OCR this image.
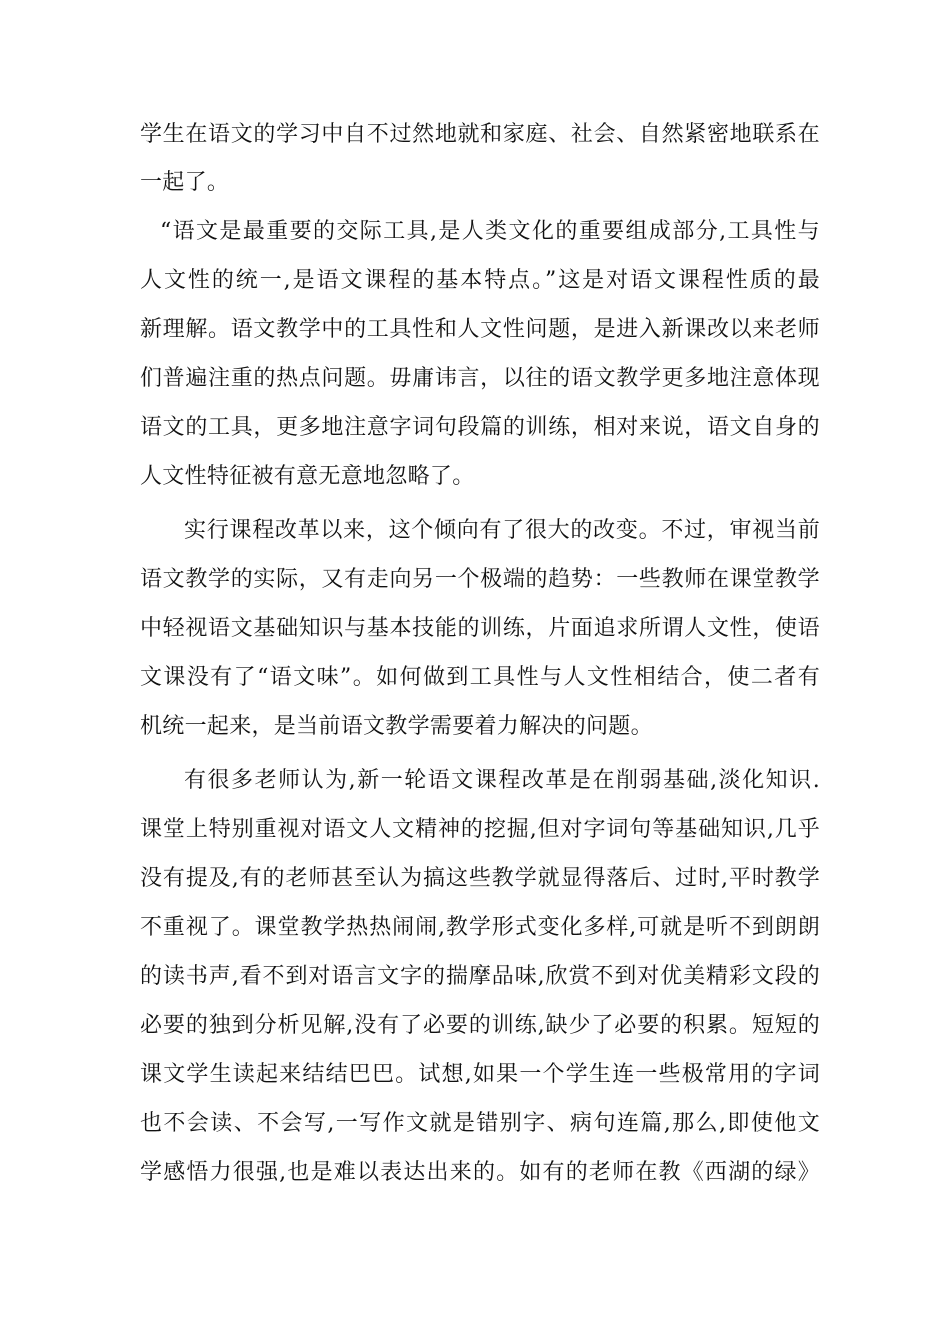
学生在语文的学习中自不过然地就和家庭、社会、自然紧密地联系在
一起了。
“语文是最重要的交际工具,是人类文化的重要组成部分,工具性与
人文性的统一,是语文课程的基本特点。”这是对语文课程性质的最
新理解。语文教学中的工具性和人文性问题，是进入新课改以来老师
们普遍注重的热点问题。毋庸讳言，以往的语文教学更多地注意体现
语文的工具，更多地注意字词句段篇的训练，相对来说，语文自身的
人文性特征被有意无意地忽略了。
实行课程改革以来，这个倾向有了很大的改变。不过，审视当前
语文教学的实际，又有走向另一个极端的趋势：一些教师在课堂教学
中轻视语文基础知识与基本技能的训练，片面追求所谓人文性，使语
文课没有了“语文味”。如何做到工具性与人文性相结合，使二者有
机统一起来，是当前语文教学需要着力解决的问题。
有很多老师认为,新一轮语文课程改革是在削弱基础,淡化知识.
课堂上特别重视对语文人文精神的挖掘,但对字词句等基础知识,几乎
没有提及,有的老师甚至认为搞这些教学就显得落后、过时,平时教学
不重视了。课堂教学热热闹闹,教学形式变化多样,可就是听不到朗朗
的读书声,看不到对语言文字的揣摩品味,欣赏不到对优美精彩文段的
必要的独到分析见解,没有了必要的训练,缺少了必要的积累。短短的
课文学生读起来结结巴巴。试想,如果一个学生连一些极常用的字词
也不会读、不会写,一写作文就是错别字、病句连篇,那么,即使他文
学感悟力很强,也是难以表达出来的。如有的老师在教《西湖的绿》
